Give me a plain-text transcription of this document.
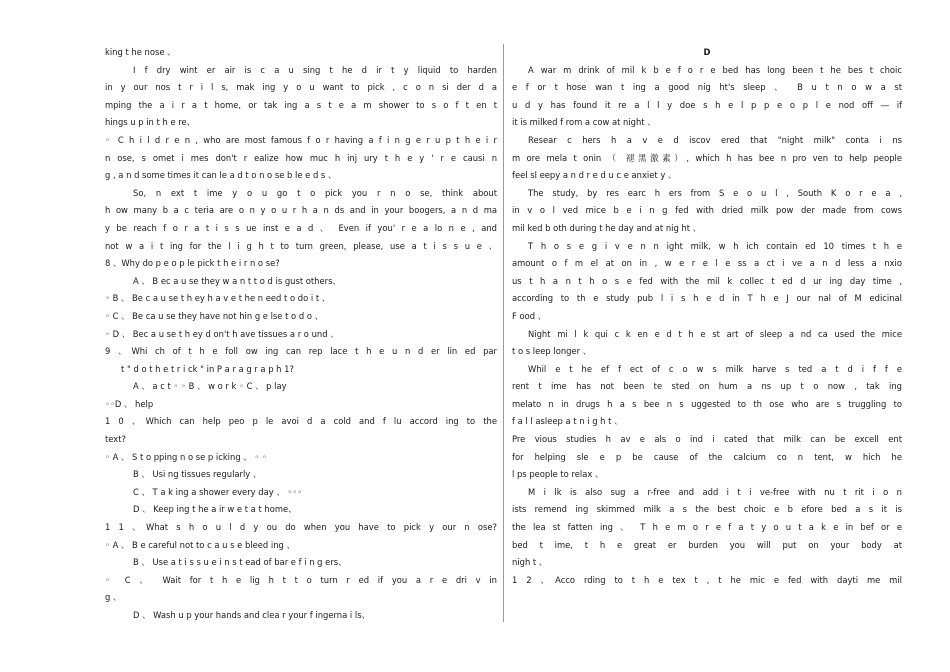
king t he nose 、
I f dry wint er air is c a u sing t he d ir t y liquid to harden
in y our nos t r i l s, mak ing y o u want to pick , c o n si der d a
mping the a i r a t home, or tak ing a s t e a m shower to s o f t en t
hings u p in t h e re、
◦ C h i l d r e n , who are most famous f o r having a f i n g e r u p t h e i r
n ose, s omet i mes don't r ealize how muc h inj ury t h e y ' r e causi n
g , a n d some times it can le a d t o n o se b le e d s 、
So, n ext t ime y o u go t o pick you r n o se, think about
h ow many b a c teria are o n y o u r h a n ds and in your boogers, a n d ma
y be reach f o r a t i s s ue inst e a d 、 Even if you' r e a lo n e , and
not w a i t ing for the l i g h t to turn green, please, use a t i s s u e 、
8 、Why do p e o p le pick t h e i r n o se?
A 、 B ec a u se they w a n t t o d is gust others、
◦ B 、 Be c a u se t h ey h a v e t he n eed t o do i t 、
◦ C 、 Be ca u se they have not hin g e lse t o d o 、
◦ D 、 Bec a u se t h ey d on't h ave tissues a r o und 、
9 、Whi ch of t h e foll ow ing can rep lace t h e u n d er lin ed par
t " d o t h e t r i ck " in P a r a g r a p h 1?
A 、 a c t ◦ ◦ B 、 w o r k ◦ C 、 p lay
◦◦D 、 help
1 0 、Which can help peo p le avoi d a cold and f lu accord ing to the
text?
◦ A 、 S t o pping n o se p icking 、 ◦ ◦
B 、 Usi ng tissues regularly 、
C 、 T a k ing a shower every day 、 ◦◦◦
D 、 Keep ing t he a ir w e t a t home、
1 1 、What s h o u l d y ou do when you have to pick y our n ose?
◦ A 、 B e careful not to c a u s e bleed ing 、
B 、 Use a t i s s u e i n s t ead of bar e f i n g ers、
◦ C 、 Wait for t h e lig h t t o turn r ed if you a r e dri v in
g 、
D 、 Wash u p your hands and clea r your f ingerna i ls、
D
A war m drink of mil k b e f o r e bed has long been t he bes t choic
e f or t hose wan t ing a good nig ht's sleep 、 B u t n o w a st
u d y has found it re a l l y doe s h e l p p e o p l e nod off ― if
it is milked f rom a cow at night 、
Resear c hers h a v e d iscov ered that "night milk" conta i ns
m ore mela t onin （ 褪黑激素）, which h has bee n pro ven to help people
feel sl eepy a n d r e d u c e anxiet y 、
The study, by res earc h ers from S e o u l , South K o r e a ,
in v o l ved mice b e i n g fed with dried milk pow der made from cows
mil ked b oth during t he day and at nig ht 、
T h o s e g i v e n n ight milk, w h ich contain ed 10 times t h e
amount o f m el at on in , w e r e l e ss a ct i ve a n d less a nxio
us t h a n t h o s e fed with the mil k collec t ed d ur ing day time ,
according to th e study pub l i s h e d in T h e J our nal of M edicinal
F ood 、
Night mi l k qui c k en e d t h e st art of sleep a nd ca used the mice
t o s leep longer 、
Whil e t he ef f ect of c o w s milk harve s ted a t d i f f e
rent t ime has not been te sted on hum a ns up t o now , tak ing
melato n in drugs h a s bee n s uggested to th ose who are s truggling to
f a l l asleep a t n i g h t 、
Pre vious studies h av e als o ind i cated that milk can be excell ent
for helping sle e p be cause of the calcium co n tent, w hich he
l ps people to relax 、
M i lk is also sug a r-free and add i t i ve-free with nu t rit i o n
ists remend ing skimmed milk a s the best choic e b efore bed a s it is
the lea st fatten ing 、 T h e m o r e f a t y o u t a k e in bef or e
bed t ime, t h e great er burden you will put on your body at
nigh t 、
1 2 、Acco rding to t h e tex t , t he mic e fed with dayti me mil
